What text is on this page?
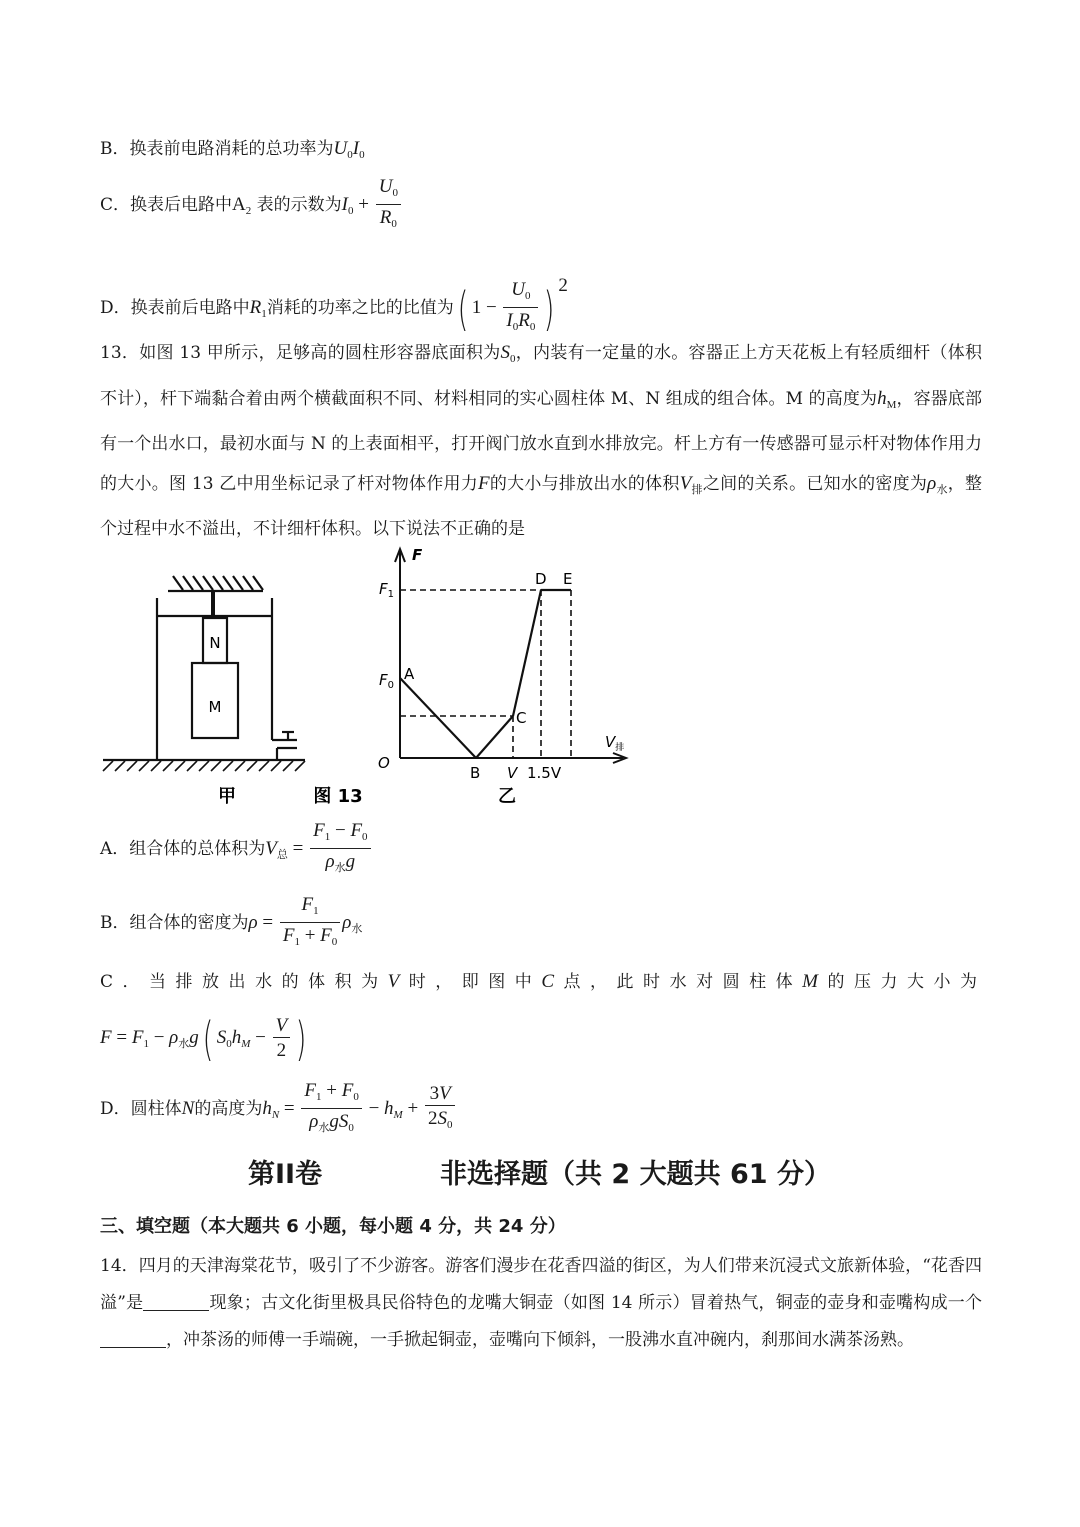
B．换表前电路消耗的总功率为$U_0I_0$
C．换表后电路中$A_2$ 表的示数为$I_0 + \frac{U_0}{R_0}$
D．换表前后电路中$R_1$消耗的功率之比的比值为( $1 - \frac{U_0}{I_0R_0}$ ) $^2$
13．如图 13 甲所示，足够高的圆柱形容器底面积为$S_0$，内装有一定量的水。容器正上方天花板上有轻质细杆（体积不计），杆下端黏合着由两个横截面积不同、材料相同的实心圆柱体 M、N 组成的组合体。M 的高度为$h_M$，容器底部有一个出水口，最初水面与 N 的上表面相平，打开阀门放水直到水排放完。杆上方有一传感器可显示杆对物体作用力的大小。图 13 乙中用坐标记录了杆对物体作用力F的大小与排放出水的体积$V_排$之间的关系。已知水的密度为$\rho_水$，整个过程中水不溢出，不计细杆体积。以下说法不正确的是
N
M
甲	图 13
F
$F_1$
$F_0$
O
A
B
C
D E
V 1.5V
$V_排$
乙
A．组合体的总体积为$V_总 = \frac{F_1 - F_0}{\rho_水g}$
B．组合体的密度为$\rho = \frac{F_1}{F_1 + F_0} \rho_水$
C．当排放出水的体积为V时，即图中C点，此时水对圆柱体M的压力大小为
$F = F_1 - \rho_水g$( $S_0h_M - \frac{V}{2}$ )
D．圆柱体N的高度为$h_N = \frac{F_1 + F_0}{\rho_水gS_0} - h_M + \frac{3V}{2S_0}$
第II卷	非选择题（共 2 大题共 61 分）
三、填空题（本大题共 6 小题，每小题 4 分，共 24 分）
14．四月的天津海棠花节，吸引了不少游客。游客们漫步在花香四溢的街区，为人们带来沉浸式文旅新体验，“花香四溢”是	现象；古文化街里极具民俗特色的龙嘴大铜壶（如图 14 所示）冒着热气，铜壶的壶身和壶嘴构成一个，冲茶汤的师傅一手端碗，一手掀起铜壶，壶嘴向下倾斜，一股沸水直冲碗内，刹那间水满茶汤熟。
